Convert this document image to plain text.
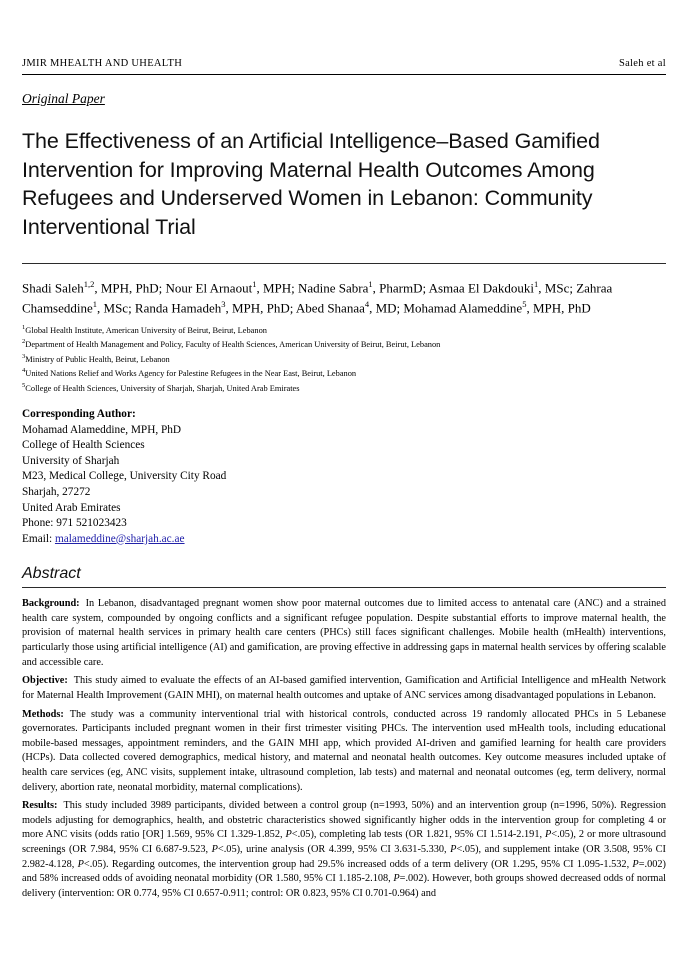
JMIR MHEALTH AND UHEALTH	Saleh et al
Original Paper
The Effectiveness of an Artificial Intelligence–Based Gamified Intervention for Improving Maternal Health Outcomes Among Refugees and Underserved Women in Lebanon: Community Interventional Trial
Shadi Saleh$^{1,2}$, MPH, PhD; Nour El Arnaout$^1$, MPH; Nadine Sabra$^1$, PharmD; Asmaa El Dakdouki$^1$, MSc; Zahraa Chamseddine$^1$, MSc; Randa Hamadeh$^3$, MPH, PhD; Abed Shanaa$^4$, MD; Mohamad Alameddine$^5$, MPH, PhD
$^1$Global Health Institute, American University of Beirut, Beirut, Lebanon
$^2$Department of Health Management and Policy, Faculty of Health Sciences, American University of Beirut, Beirut, Lebanon
$^3$Ministry of Public Health, Beirut, Lebanon
$^4$United Nations Relief and Works Agency for Palestine Refugees in the Near East, Beirut, Lebanon
$^5$College of Health Sciences, University of Sharjah, Sharjah, United Arab Emirates
Corresponding Author:
Mohamad Alameddine, MPH, PhD
College of Health Sciences
University of Sharjah
M23, Medical College, University City Road
Sharjah, 27272
United Arab Emirates
Phone: 971 521023423
Email: malameddine@sharjah.ac.ae
Abstract

Background: In Lebanon, disadvantaged pregnant women show poor maternal outcomes due to limited access to antenatal care (ANC) and a strained health care system, compounded by ongoing conflicts and a significant refugee population. Despite substantial efforts to improve maternal health, the provision of maternal health services in primary health care centers (PHCs) still faces significant challenges. Mobile health (mHealth) interventions, particularly those using artificial intelligence (AI) and gamification, are proving effective in addressing gaps in maternal health services by offering scalable and accessible care.

Objective: This study aimed to evaluate the effects of an AI-based gamified intervention, Gamification and Artificial Intelligence and mHealth Network for Maternal Health Improvement (GAIN MHI), on maternal health outcomes and uptake of ANC services among disadvantaged populations in Lebanon.

Methods: The study was a community interventional trial with historical controls, conducted across 19 randomly allocated PHCs in 5 Lebanese governorates. Participants included pregnant women in their first trimester visiting PHCs. The intervention used mHealth tools, including educational mobile-based messages, appointment reminders, and the GAIN MHI app, which provided AI-driven and gamified learning for health care providers (HCPs). Data collected covered demographics, medical history, and maternal and neonatal health outcomes. Key outcome measures included uptake of health care services (eg, ANC visits, supplement intake, ultrasound completion, lab tests) and maternal and neonatal outcomes (eg, term delivery, normal delivery, abortion rate, neonatal morbidity, maternal complications).

Results: This study included 3989 participants, divided between a control group (n=1993, 50%) and an intervention group (n=1996, 50%). Regression models adjusting for demographics, health, and obstetric characteristics showed significantly higher odds in the intervention group for completing 4 or more ANC visits (odds ratio [OR] 1.569, 95% CI 1.329-1.852, P<.05), completing lab tests (OR 1.821, 95% CI 1.514-2.191, P<.05), 2 or more ultrasound screenings (OR 7.984, 95% CI 6.687-9.523, P<.05), urine analysis (OR 4.399, 95% CI 3.631-5.330, P<.05), and supplement intake (OR 3.508, 95% CI 2.982-4.128, P<.05). Regarding outcomes, the intervention group had 29.5% increased odds of a term delivery (OR 1.295, 95% CI 1.095-1.532, P=.002) and 58% increased odds of avoiding neonatal morbidity (OR 1.580, 95% CI 1.185-2.108, P=.002). However, both groups showed decreased odds of normal delivery (intervention: OR 0.774, 95% CI 0.657-0.911; control: OR 0.823, 95% CI 0.701-0.964) and
